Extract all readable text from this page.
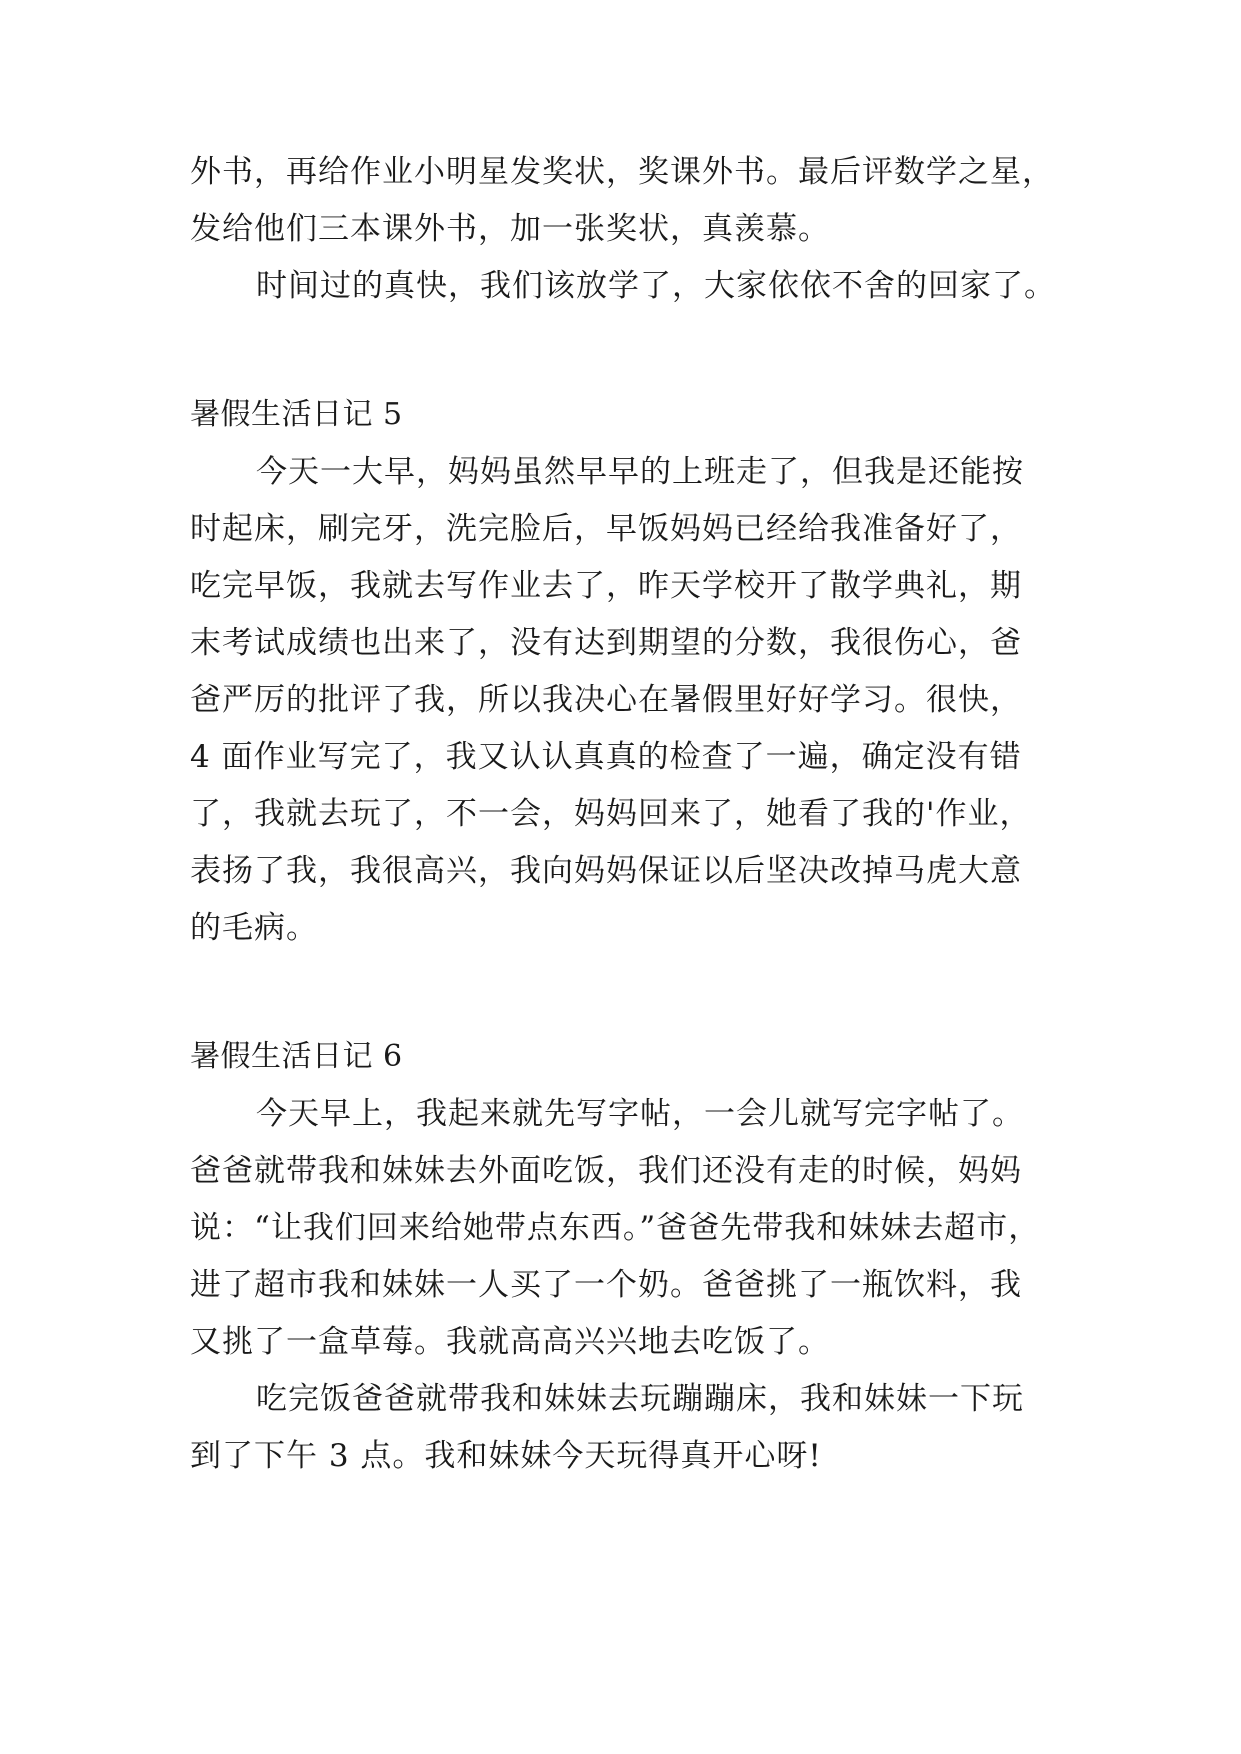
外书，再给作业小明星发奖状，奖课外书。最后评数学之星，
发给他们三本课外书，加一张奖状，真羡慕。
时间过的真快，我们该放学了，大家依依不舍的回家了。
暑假生活日记 5
今天一大早，妈妈虽然早早的上班走了，但我是还能按
时起床，刷完牙，洗完脸后，早饭妈妈已经给我准备好了，
吃完早饭，我就去写作业去了，昨天学校开了散学典礼，期
末考试成绩也出来了，没有达到期望的分数，我很伤心，爸
爸严厉的批评了我，所以我决心在暑假里好好学习。很快，
4 面作业写完了，我又认认真真的检查了一遍，确定没有错
了，我就去玩了，不一会，妈妈回来了，她看了我的'作业，
表扬了我，我很高兴，我向妈妈保证以后坚决改掉马虎大意
的毛病。
暑假生活日记 6
今天早上，我起来就先写字帖，一会儿就写完字帖了。
爸爸就带我和妹妹去外面吃饭，我们还没有走的时候，妈妈
说：“让我们回来给她带点东西。”爸爸先带我和妹妹去超市，
进了超市我和妹妹一人买了一个奶。爸爸挑了一瓶饮料，我
又挑了一盒草莓。我就高高兴兴地去吃饭了。
吃完饭爸爸就带我和妹妹去玩蹦蹦床，我和妹妹一下玩
到了下午 3 点。我和妹妹今天玩得真开心呀!
